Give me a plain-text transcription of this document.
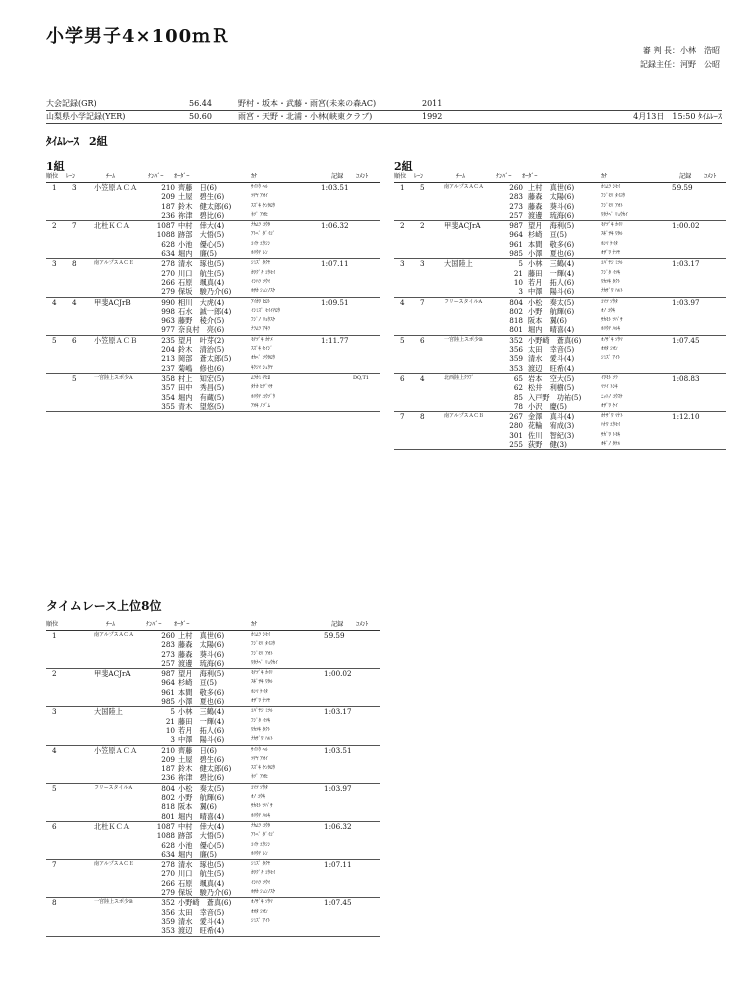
小学男子4×100ｍＲ
審 判 長：小林　浩昭
記録主任：河野　公昭
大会記録(GR)	56.44	野村・坂本・武藤・雨宮(未来の森AC)	2011
山梨県小学記録(YER)	50.60	雨宮・天野・北浦・小林(峡東クラブ)	1992	4月13日　15:50 ﾀｲﾑﾚｰｽ
ﾀｲﾑﾚｰｽ 2組
1組	2組
順位 ﾚｰﾝ	ﾁｰﾑ	ﾅﾝﾊﾞｰ ｵｰﾀﾞｰ	ｶﾅ	記録 ｺﾒﾝﾄ
1 3 小笠原ＡＣＡ	1:03.51
210 齊藤　日(6)	ｻｲﾄｳ ﾍﾙ
209 土屋　碧生(6)	ﾂﾁﾔ ｱｵｲ
187 鈴木　健太郎(6)	ｽｽﾞｷ ｹﾝﾀﾛｳ
236 祢津　碧比(6)	ﾈﾂﾞ ｱｵﾋ
2 7 北杜ＫＣＡ	1:06.32
1087 中村　倖大(4)	ﾅｶﾑﾗ ｺｳﾀ
1088 跡部　大悟(5)	ｱﾄﾍﾞ ﾀﾞｲｺﾞ
628 小池　優心(5)	ｺｲｹ ﾕｳｼﾝ
634 堀内　廉(5)	ﾎﾘｳﾁ ﾚﾝ
3 8	南アルプスＡＣＥ	1:07.11
278 清水　琢也(5)	ｼﾐｽﾞ ﾀｸﾔ
270 川口　航生(5)	ｶﾜｸﾞﾁ ｺｳｾｲ
266 石原　颯真(4)	ｲｼﾊﾗ ｿｳﾏ
279 保坂　駿乃介(6)	ﾎｻｶ ｼｭﾝﾉｽｹ
4 4 甲斐ACJrB	1:09.51
990 相川　大虎(4)	ｱｲｶﾜ ﾋﾛﾄ
998 石水　誠一郎(4)	ｲｼﾐｽﾞ ｾｲｲﾁﾛｳ
963 藤野　稜介(5)	ﾌｼﾞﾉ ﾘｮｳｽｹ
977 奈良村　亮(6)	ﾅﾗﾑﾗ ｱｷﾗ
5 6 小笠原ＡＣＢ	1:11.77
235 望月　叶芽(2)	ﾓﾁﾂﾞｷ ｶﾅﾒ
204 鈴木　清治(5)	ｽｽﾞｷ ｾｲｼﾞ
213 岡部　蒼太郎(5)	ｵｶﾍﾞ ｿｳﾀﾛｳ
237 菊嶋　修也(6)	ｷｸｼﾏ ｼｭｳﾔ
5	一宮陸上スポ少A	DQ,T1
358 村上　知宏(5)	ﾑﾗｶﾐ ﾁﾋﾛ
357 田中　秀昌(5)	ﾀﾅｶ ﾋﾃﾞﾏｻ
354 堀内　有蔵(5)	ﾎﾘｳﾁ ﾕｳｿﾞｳ
355 青木　望悠(5)	ｱｵｷ ﾉｿﾞﾑ
順位 ﾚｰﾝ	ﾁｰﾑ	ﾅﾝﾊﾞｰ ｵｰﾀﾞｰ	ｶﾅ	記録 ｺﾒﾝﾄ
1 5	南アルプスＡＣＡ	59.59
260 上村　真世(6)	ｶﾐﾑﾗ ｼｾｲ
283 藤森　太陽(6)	ﾌｼﾞﾓﾘ ﾀｲﾖｳ
273 藤森　葵斗(6)	ﾌｼﾞﾓﾘ ｱｵﾄ
257 渡邊　琉海(6)	ﾜﾀﾅﾍﾞ ﾘｭｳｶｲ
2 2	甲斐ACJrA	1:00.02
987 望月　海利(5)	ﾓﾁﾂﾞｷ ｶｲﾘ
964 杉崎　亘(5)	ｽｷﾞｻｷ ﾜﾀﾙ
961 本間　敬多(6)	ﾎﾝﾏ ｹｲﾀ
985 小澤　夏也(6)	ｵｻﾞﾜ ﾅﾂﾔ
3 3	大国陸上	1:03.17
5 小林　三鶴(4)	ｺﾊﾞﾔｼ ﾐﾂﾙ
21 藤田　一輝(4)	ﾌｼﾞﾀ ｲﾂｷ
10 若月　拓人(6)	ﾜｶﾂｷ ﾀｸﾄ
3 中澤　陽斗(6)	ﾅｶｻﾞﾜ ﾊﾙﾄ
4 7	フリースタイルA	1:03.97
804 小松　奏太(5)	ｺﾏﾂ ｿｳﾀ
802 小野　航輝(6)	ｵﾉ ｺｳｷ
818 阪本　翼(6)	ｻｶﾓﾄ ﾂﾊﾞｻ
801 堀内　晴喜(4)	ﾎﾘｳﾁ ﾊﾙｷ
5 6	一宮陸上スポ少B	1:07.45
352 小野崎　蒼真(6)	ｵﾉｻﾞｷ ｿｳﾏ
356 太田　幸音(5)	ｵｵﾀ ｼｵﾝ
359 清水　愛斗(4)	ｼﾐｽﾞ ｱｲﾄ
353 渡辺　旺希(4)
6 4	北西陸上ｸﾗﾌﾞ	1:08.83
65 岩本　空大(5)	ｲﾜﾓﾄ ｿﾗ
62 松井　利樹(5)	ﾏﾂｲ ﾄｼｷ
85 入戸野　功祐(5)	ﾆｯﾄﾉ ｺｳｽｹ
78 小沢　慶(5)	ｵｻﾞﾜ ｹｲ
7 8	南アルプスＡＣＢ	1:12.10
267 金澤　真斗(4)	ｶﾅｻﾞﾜ ﾏﾅﾄ
280 花輪　宥成(3)	ﾊﾅﾜ ﾕｳｾｲ
301 佐川　智紀(3)	ｻｶﾞﾜ ﾄﾓｷ
255 荻野　健(3)	ｵｷﾞﾉ ﾀｹﾙ
タイムレース上位8位
順位	ﾁｰﾑ	ﾅﾝﾊﾞｰ ｵｰﾀﾞｰ	ｶﾅ	記録 ｺﾒﾝﾄ
1	南アルプスＡＣＡ	59.59
260 上村　真世(6)	ｶﾐﾑﾗ ｼｾｲ
283 藤森　太陽(6)	ﾌｼﾞﾓﾘ ﾀｲﾖｳ
273 藤森　葵斗(6)	ﾌｼﾞﾓﾘ ｱｵﾄ
257 渡邊　琉海(6)	ﾜﾀﾅﾍﾞ ﾘｭｳｶｲ
2	甲斐ACJrA	1:00.02
987 望月　海利(5)	ﾓﾁﾂﾞｷ ｶｲﾘ
964 杉崎　亘(5)	ｽｷﾞｻｷ ﾜﾀﾙ
961 本間　敬多(6)	ﾎﾝﾏ ｹｲﾀ
985 小澤　夏也(6)	ｵｻﾞﾜ ﾅﾂﾔ
3	大国陸上	1:03.17
5 小林　三鶴(4)	ｺﾊﾞﾔｼ ﾐﾂﾙ
21 藤田　一輝(4)	ﾌｼﾞﾀ ｲﾂｷ
10 若月　拓人(6)	ﾜｶﾂｷ ﾀｸﾄ
3 中澤　陽斗(6)	ﾅｶｻﾞﾜ ﾊﾙﾄ
4	小笠原ＡＣＡ	1:03.51
210 齊藤　日(6)	ｻｲﾄｳ ﾍﾙ
209 土屋　碧生(6)	ﾂﾁﾔ ｱｵｲ
187 鈴木　健太郎(6)	ｽｽﾞｷ ｹﾝﾀﾛｳ
236 祢津　碧比(6)	ﾈﾂﾞ ｱｵﾋ
5	フリースタイルA	1:03.97
804 小松　奏太(5)	ｺﾏﾂ ｿｳﾀ
802 小野　航輝(6)	ｵﾉ ｺｳｷ
818 阪本　翼(6)	ｻｶﾓﾄ ﾂﾊﾞｻ
801 堀内　晴喜(4)	ﾎﾘｳﾁ ﾊﾙｷ
6	北杜ＫＣＡ	1:06.32
1087 中村　倖大(4)	ﾅｶﾑﾗ ｺｳﾀ
1088 跡部　大悟(5)	ｱﾄﾍﾞ ﾀﾞｲｺﾞ
628 小池　優心(5)	ｺｲｹ ﾕｳｼﾝ
634 堀内　廉(5)	ﾎﾘｳﾁ ﾚﾝ
7	南アルプスＡＣＥ	1:07.11
278 清水　琢也(5)	ｼﾐｽﾞ ﾀｸﾔ
270 川口　航生(5)	ｶﾜｸﾞﾁ ｺｳｾｲ
266 石原　颯真(4)	ｲｼﾊﾗ ｿｳﾏ
279 保坂　駿乃介(6)	ﾎｻｶ ｼｭﾝﾉｽｹ
8	一宮陸上スポ少B	1:07.45
352 小野崎　蒼真(6)	ｵﾉｻﾞｷ ｿｳﾏ
356 太田　幸音(5)	ｵｵﾀ ｼｵﾝ
359 清水　愛斗(4)	ｼﾐｽﾞ ｱｲﾄ
353 渡辺　旺希(4)
